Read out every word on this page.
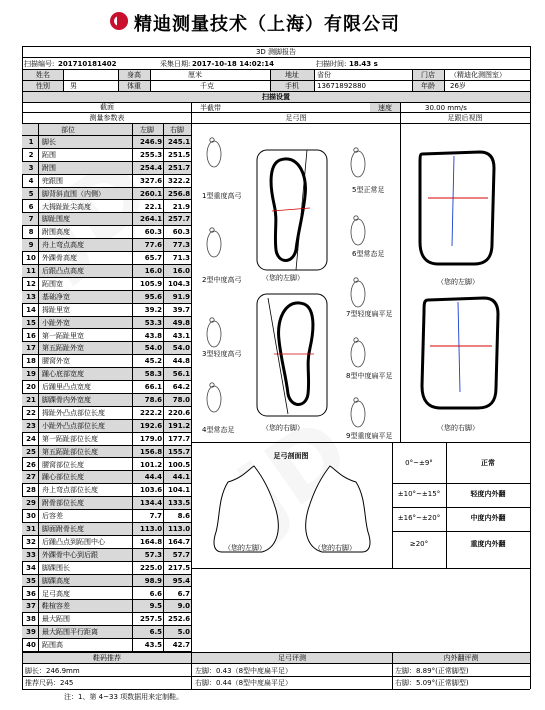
精迪测量技术（上海）有限公司
3D 测脚报告
扫描编号: 201710181402	采集日期: 2017-10-18 14:02:14	扫描时间: 18.43 s
姓名	身高	厘米	地址	省份	门店	（精迪化测图室）
性别	男	体重	千克	手机	13671892880	年龄	26岁
扫描设置
截面	半截带	速度	30.00 mm/s
测量参数表	足弓图	足跟后视图
部位	左脚	右脚
1	脚长	246.9 245.1
2	跖围	255.3 251.5
3	跗围	254.4 251.7
4	兜跟围	327.6 322.2
5	脚背斜直围（内侧）	260.1 256.8
6	大拇趾趾尖高度	22.1	21.9
7	脚趾围度	264.1 257.7
8	跗围高度	60.3	60.3
9	舟上弯点高度	77.6	77.3
10 外踝骨高度	65.7	71.3
11 后跟凸点高度	16.0	16.0
12 跖围宽	105.9 104.3
13 基础净宽	95.6	91.9
14 拇趾里宽	39.2	39.7
15 小趾外宽	53.3	49.8
16 第一跖趾里宽	43.8	43.1
17 第五跖趾外宽	54.0	54.0
18 腰窝外宽	45.2	44.8
19 踵心底部宽度	58.3	56.1
20 后踵里凸点宽度	66.1	64.2
21 脚踝骨内外宽度	78.6	78.0
22 拇趾外凸点部位长度	222.2 220.6
23 小趾外凸点部位长度	192.6 191.2
24 第一跖趾部位长度	179.0 177.7
25 第五跖趾部位长度	156.8 155.7
26 腰窝部位长度	101.2 100.5
27 踵心部位长度	44.4	44.1
28 舟上弯点部位长度	103.6 104.1
29 跗骨部位长度	134.4 133.5
30 后容差	7.7	8.6
31 脚面跗骨长度	113.0 113.0
32 后踵凸点到跖围中心	164.8 164.7
33 外踝骨中心到后跟	57.3	57.7
34 脚踝围长	225.0 217.5
35 脚踝高度	98.9	95.4
36 足弓高度	6.6	6.7
37 鞋楦容差	9.5	9.0
38 最大跖围	257.5 252.6
39 最大跖围平行距离	6.5	5.0
40 跖围高	43.5	42.7
1型重度高弓
2型中度高弓
3型轻度高弓
4型常态足
5型正常足
6型常态足
7型轻度扁平足
8型中度扁平足
9型重度扁平足
（您的左脚）
（您的右脚）
（您的左脚）
（您的右脚）
足弓剖面图
（您的左脚）	（您的右脚）
0°~±9°	正常
±10°~±15°	轻度内外翻
±16°~±20°	中度内外翻
≥20°	重度内外翻
鞋码推荐	足弓评测	内外翻评测
脚长：246.9mm	左脚：0.43（8型中度扁平足）	左脚：8.89°(正常脚型)
推荐尺码：245	右脚：0.44（8型中度扁平足）	右脚：5.09°(正常脚型)
注：1、第 4~33 项数据用来定制鞋。
